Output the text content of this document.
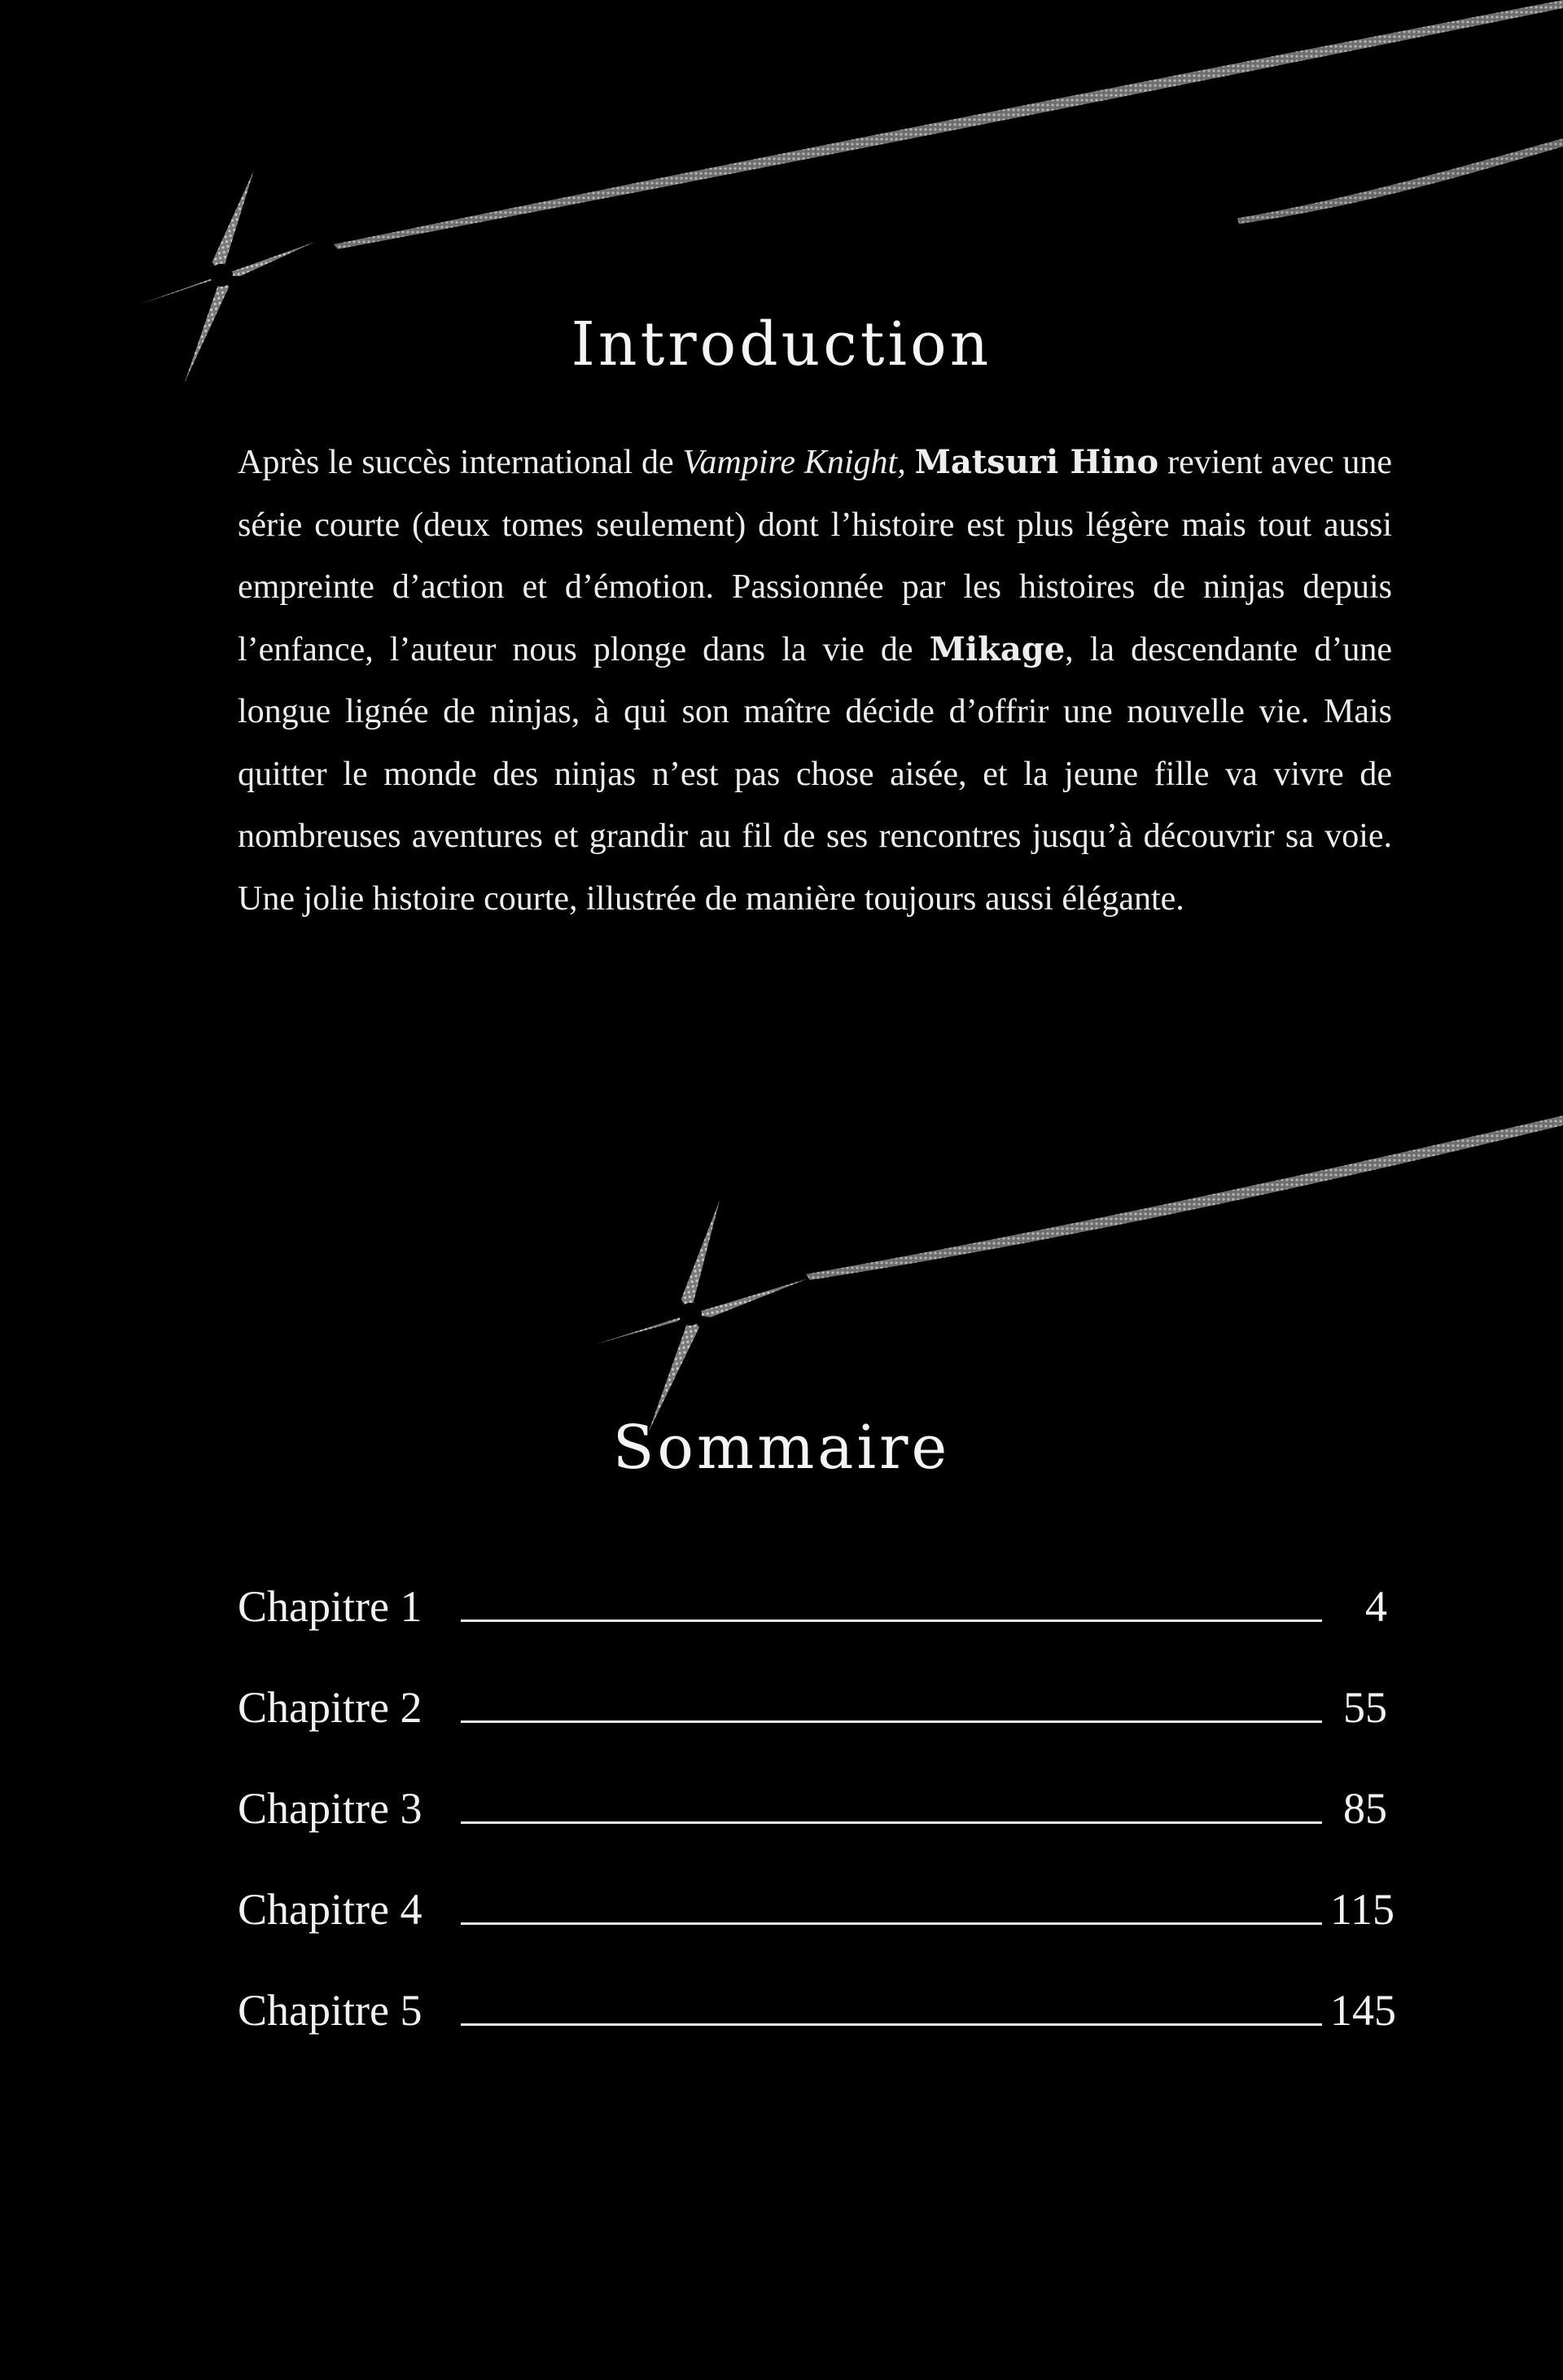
Introduction
Après le succès international de Vampire Knight, Matsuri Hino revient avec une série courte (deux tomes seulement) dont l’histoire est plus légère mais tout aussi empreinte d’action et d’émotion. Passionnée par les histoires de ninjas depuis l’enfance, l’auteur nous plonge dans la vie de Mikage, la descendante d’une longue lignée de ninjas, à qui son maître décide d’offrir une nouvelle vie. Mais quitter le monde des ninjas n’est pas chose aisée, et la jeune fille va vivre de nombreuses aventures et grandir au fil de ses rencontres jusqu’à découvrir sa voie. Une jolie histoire courte, illustrée de manière toujours aussi élégante.
Sommaire
Chapitre 1	4
Chapitre 2	55
Chapitre 3	85
Chapitre 4	115
Chapitre 5	145
